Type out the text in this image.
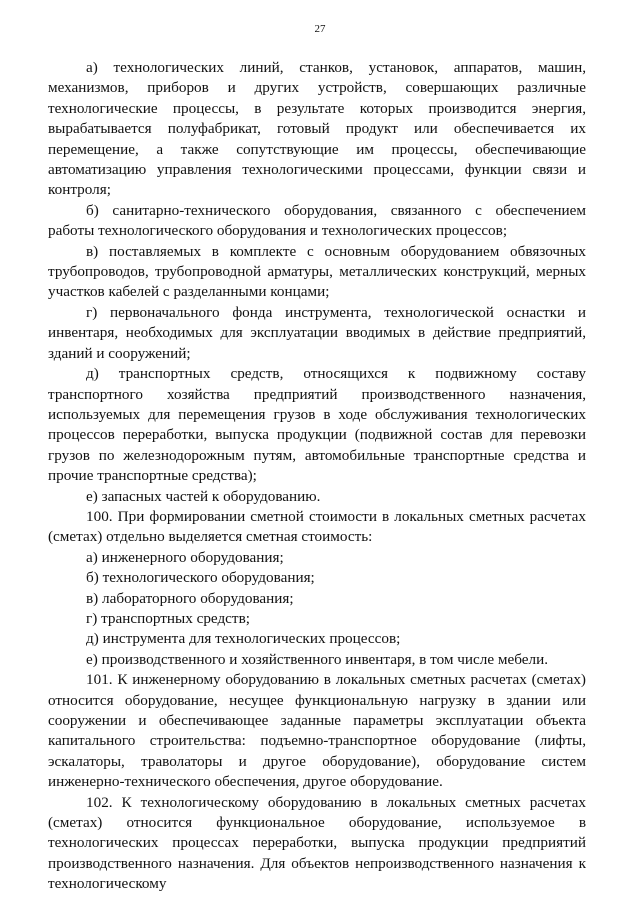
27

а) технологических линий, станков, установок, аппаратов, машин, механизмов, приборов и других устройств, совершающих различные технологические процессы, в результате которых производится энергия, вырабатывается полуфабрикат, готовый продукт или обеспечивается их перемещение, а также сопутствующие им процессы, обеспечивающие автоматизацию управления технологическими процессами, функции связи и контроля;

б) санитарно-технического оборудования, связанного с обеспечением работы технологического оборудования и технологических процессов;

в) поставляемых в комплекте с основным оборудованием обвязочных трубопроводов, трубопроводной арматуры, металлических конструкций, мерных участков кабелей с разделанными концами;

г) первоначального фонда инструмента, технологической оснастки и инвентаря, необходимых для эксплуатации вводимых в действие предприятий, зданий и сооружений;

д) транспортных средств, относящихся к подвижному составу транспортного хозяйства предприятий производственного назначения, используемых для перемещения грузов в ходе обслуживания технологических процессов переработки, выпуска продукции (подвижной состав для перевозки грузов по железнодорожным путям, автомобильные транспортные средства и прочие транспортные средства);

е) запасных частей к оборудованию.

100. При формировании сметной стоимости в локальных сметных расчетах (сметах) отдельно выделяется сметная стоимость:

а) инженерного оборудования;

б) технологического оборудования;

в) лабораторного оборудования;

г) транспортных средств;

д) инструмента для технологических процессов;

е) производственного и хозяйственного инвентаря, в том числе мебели.

101. К инженерному оборудованию в локальных сметных расчетах (сметах) относится оборудование, несущее функциональную нагрузку в здании или сооружении и обеспечивающее заданные параметры эксплуатации объекта капитального строительства: подъемно-транспортное оборудование (лифты, эскалаторы, траволаторы и другое оборудование), оборудование систем инженерно-технического обеспечения, другое оборудование.

102. К технологическому оборудованию в локальных сметных расчетах (сметах) относится функциональное оборудование, используемое в технологических процессах переработки, выпуска продукции предприятий производственного назначения. Для объектов непроизводственного назначения к технологическому
